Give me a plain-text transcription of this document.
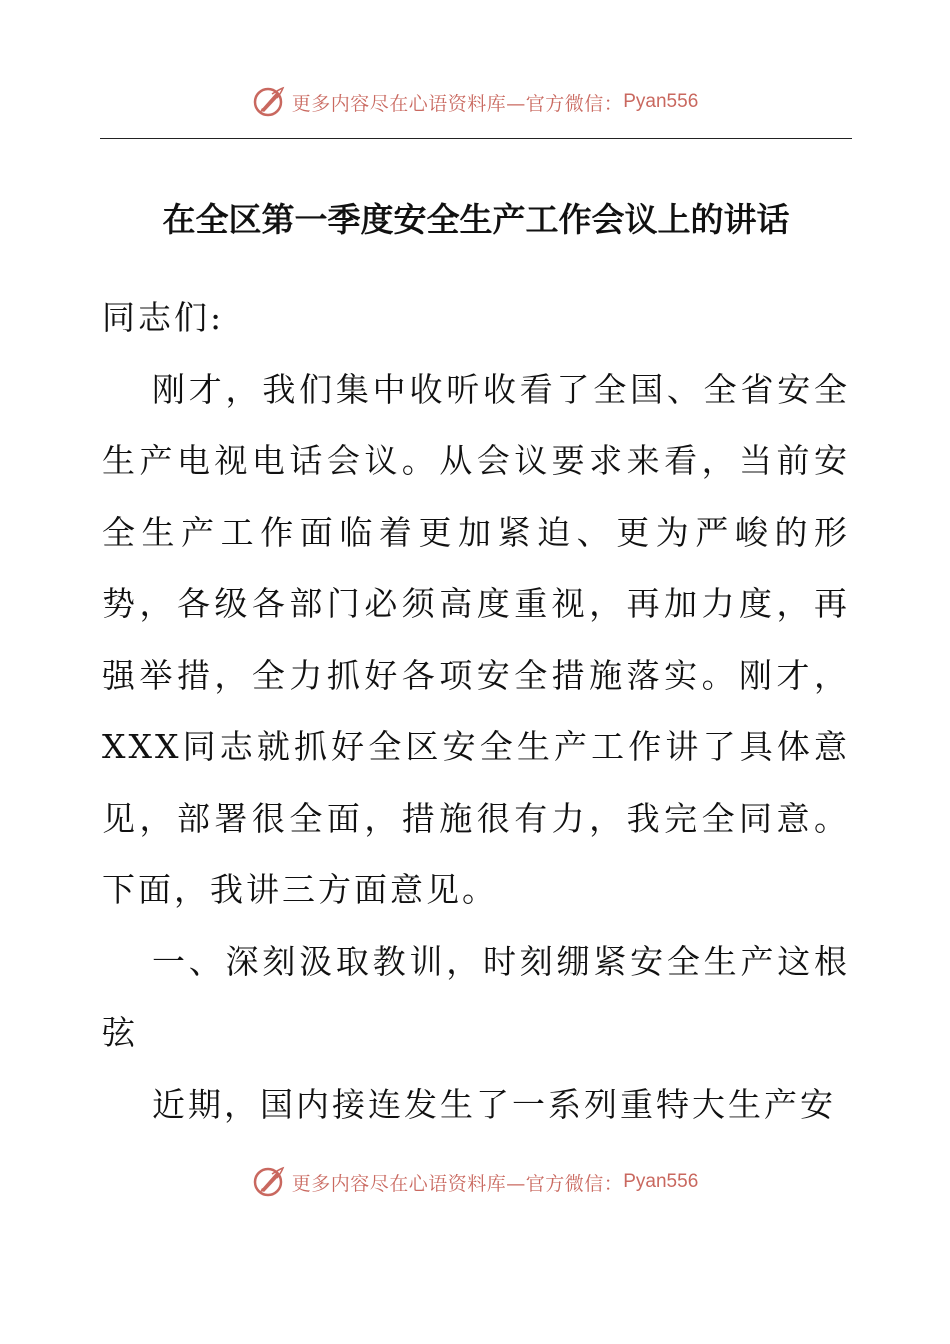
更多内容尽在心语资料库—官方微信： Pyan556
在全区第一季度安全生产工作会议上的讲话

同志们:

刚才，我们集中收听收看了全国、全省安全生产电视电话会议。从会议要求来看，当前安全生产工作面临着更加紧迫、更为严峻的形势，各级各部门必须高度重视，再加力度，再强举措，全力抓好各项安全措施落实。刚才，XXX同志就抓好全区安全生产工作讲了具体意见，部署很全面，措施很有力，我完全同意。下面，我讲三方面意见。

一、深刻汲取教训，时刻绷紧安全生产这根弦

近期，国内接连发生了一系列重特大生产安

更多内容尽在心语资料库—官方微信： Pyan556
